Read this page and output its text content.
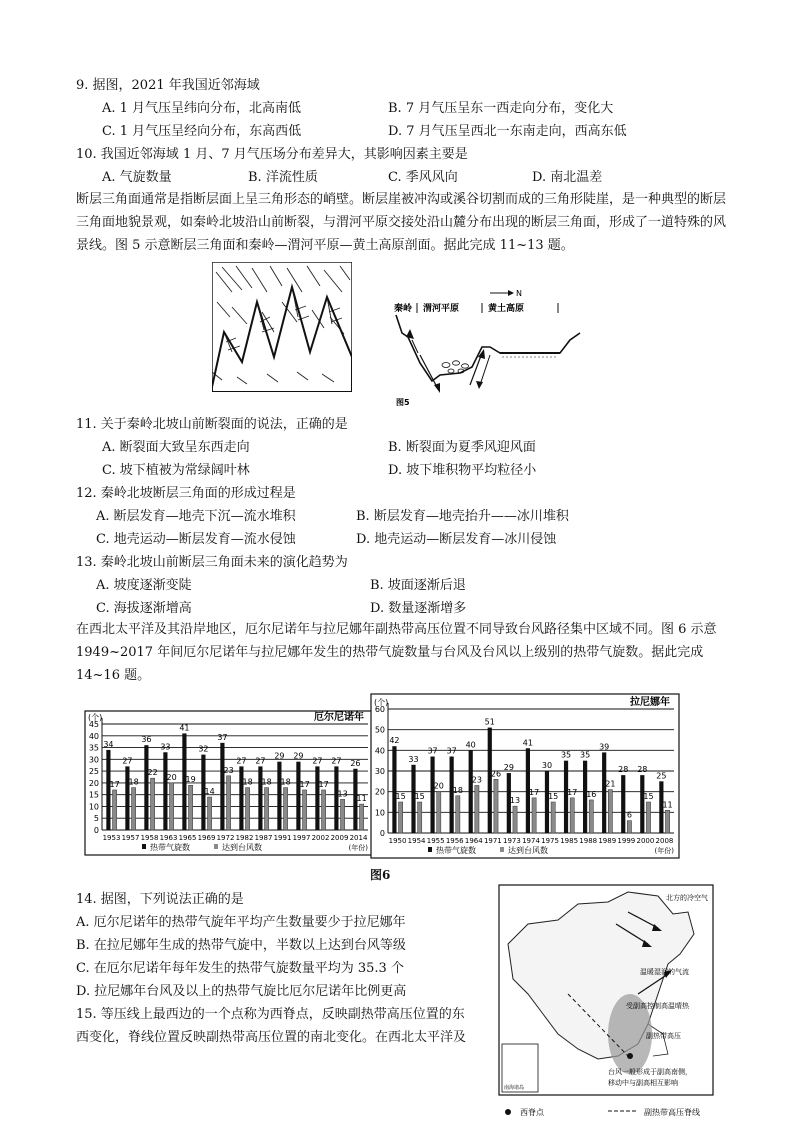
9. 据图，2021 年我国近邻海域
A. 1 月气压呈纬向分布，北高南低	B. 7 月气压呈东一西走向分布，变化大
C. 1 月气压呈经向分布，东高西低	D. 7 月气压呈西北一东南走向，西高东低
10. 我国近邻海域 1 月、7 月气压场分布差异大，其影响因素主要是
A. 气旋数量	B. 洋流性质	C. 季风风向	D. 南北温差
断层三角面通常是指断层面上呈三角形态的峭壁。断层崖被冲沟或溪谷切割而成的三角形陡崖，是一种典型的断层三角面地貌景观，如秦岭北坡沿山前断裂，与渭河平原交接处沿山麓分布出现的断层三角面，形成了一道特殊的风景线。图 5 示意断层三角面和秦岭—渭河平原—黄土高原剖面。据此完成 11~13 题。
秦岭 渭河平原	黄土高原
N
图5
11. 关于秦岭北坡山前断裂面的说法，正确的是
A. 断裂面大致呈东西走向	B. 断裂面为夏季风迎风面
C. 坡下植被为常绿阔叶林	D. 坡下堆积物平均粒径小
12. 秦岭北坡断层三角面的形成过程是
A. 断层发育—地壳下沉—流水堆积	B. 断层发育—地壳抬升——冰川堆积
C. 地壳运动—断层发育—流水侵蚀	D. 地壳运动—断层发育—冰川侵蚀
13. 秦岭北坡山前断层三角面未来的演化趋势为
A. 坡度逐渐变陡	B. 坡面逐渐后退
C. 海拔逐渐增高	D. 数量逐渐增多
在西北太平洋及其沿岸地区，厄尔尼诺年与拉尼娜年副热带高压位置不同导致台风路径集中区域不同。图 6 示意 1949~2017 年间厄尔尼诺年与拉尼娜年发生的热带气旋数量与台风及台风以上级别的热带气旋数。据此完成 14~16 题。
0
5
10
15
20
25
30
35
40
45
(个)	厄尔尼诺年
34
17
1953
27
18
1957
36
22
1958
33
20
1963
41
19
1965
32
14
1969
37
23
1972
27
18
1982
27
18
1987
29
18
1991
29
17
1997
27
17
2002
27
13
2009
26
11
2014
(年份)
热带气旋数	达到台风数
0
10
20
30
40
50
60
(个)	拉尼娜年
42
15
1950
33
15
1954
37
20
1955
37
18
1956
40
23
1964
51
26
1971
29
13
1973
41
17
1974
30
15
1975
35
17
1985
35
16
1988
39
21
1989
28
6
1999
28
15
2000
25
11
2008
(年份)
热带气旋数	达到台风数
图6
14. 据图，下列说法正确的是
A. 厄尔尼诺年的热带气旋年平均产生数量要少于拉尼娜年
B. 在拉尼娜年生成的热带气旋中，半数以上达到台风等级
C. 在厄尔尼诺年每年发生的热带气旋数量平均为 35.3 个
D. 拉尼娜年台风及以上的热带气旋比厄尔尼诺年比例更高
15. 等压线上最西边的一个点称为西脊点，反映副热带高压位置的东
西变化，脊线位置反映副热带高压位置的南北变化。在西北太平洋及
北方的冷空气
温暖湿润的气流
受副高控制高温晴热
副热带高压
台风一般形成于副高南侧，
移动中与副高相互影响
南海诸岛
西脊点	副热带高压脊线
